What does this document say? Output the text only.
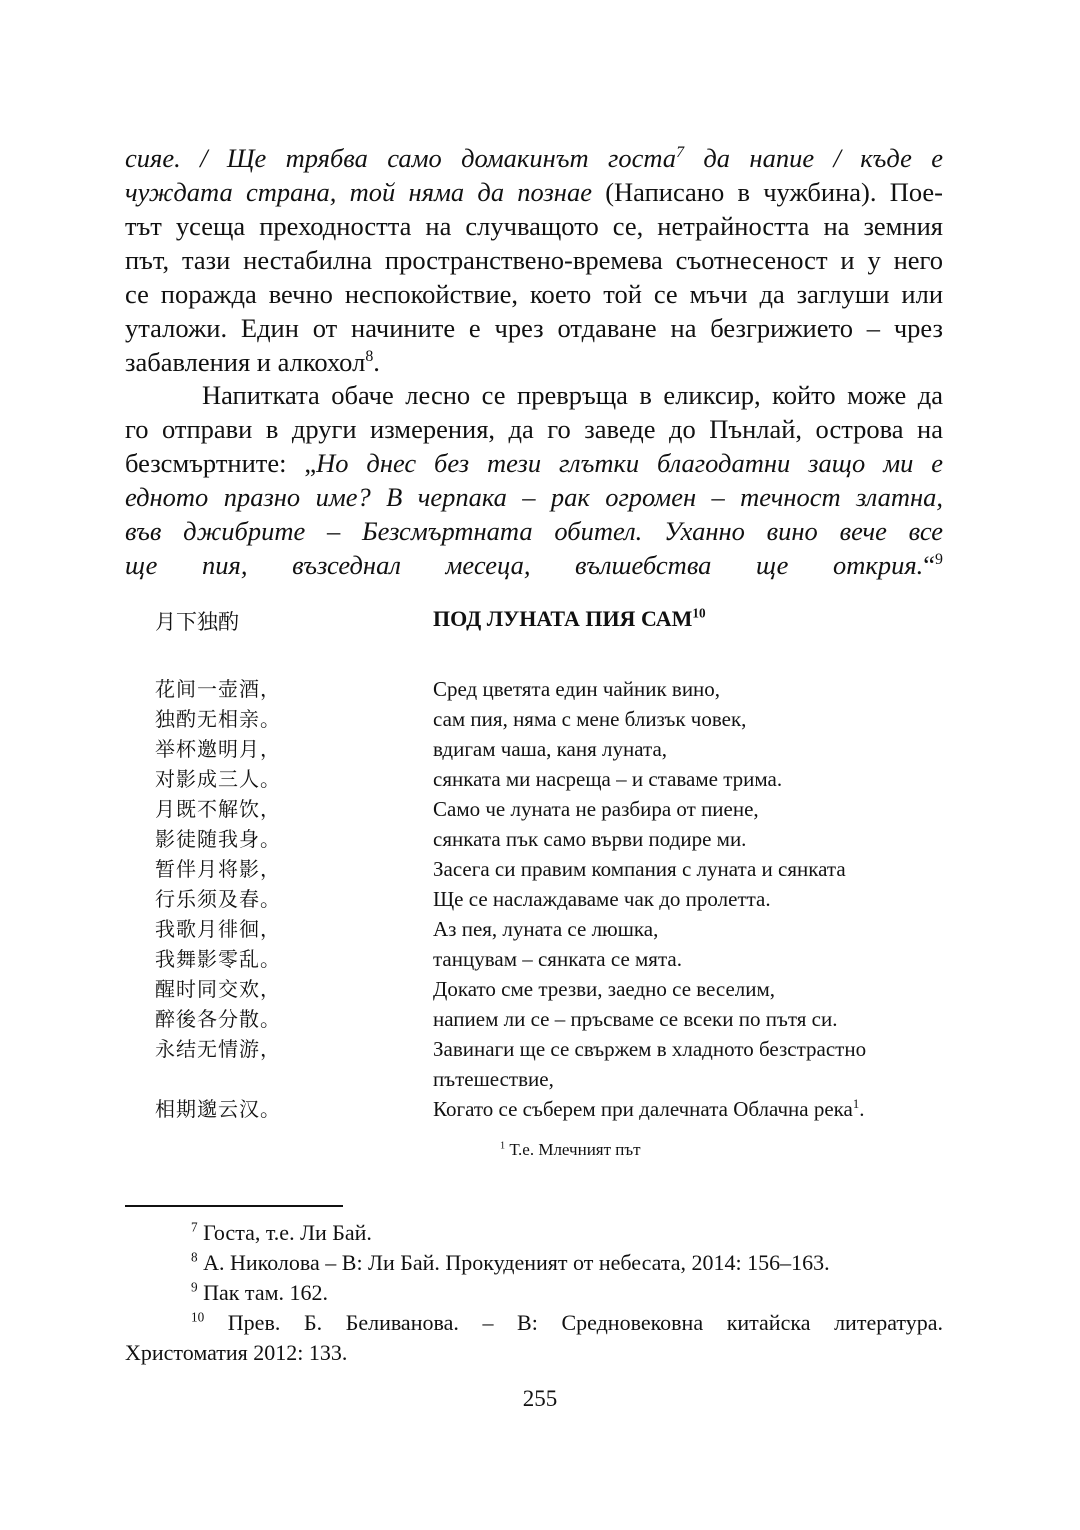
сияе. / Ще трябва само домакинът госта$^7$ да напие / къде е
чуждата страна, той няма да познае (Написано в чужбина). Пое-
тът усеща преходността на случващото се, нетрайността на земния
път, тази нестабилна пространствено-времева съотнесеност и у него
се поражда вечно неспокойствие, което той се мъчи да заглуши или
уталожи. Един от начините е чрез отдаване на безгрижието – чрез
забавления и алкохол$^8$.

Напитката обаче лесно се превръща в еликсир, който може да
го отправи в други измерения, да го заведе до Пънлай, острова на
безсмъртните: „Но днес без тези глътки благодатни защо ми е
едното празно име? В черпака – рак огромен – течност златна,
във джибрите – Безсмъртната обител. Уханно вино вече все
ще пия, възседнал месеца, вълшебства ще открия.“$^9$

月下独酌	ПОД ЛУНАТА ПИЯ САМ$^{10}$
花间一壶酒，	Сред цветята един чайник вино,
独酌无相亲。	сам пия, няма с мене близък човек,
举杯邀明月，	вдигам чаша, каня луната,
对影成三人。	сянката ми насреща – и ставаме трима.
月既不解饮，	Само че луната не разбира от пиене,
影徒随我身。	сянката пък само върви подире ми.
暂伴月将影，	Засега си правим компания с луната и сянката
行乐须及春。	Ще се наслаждаваме чак до пролетта.
我歌月徘徊，	Аз пея, луната се люшка,
我舞影零乱。	танцувам – сянката се мята.
醒时同交欢，	Докато сме трезви, заедно се веселим,
醉後各分散。	напием ли се – пръсваме се всеки по пътя си.
永结无情游，	Завинаги ще се свържем в хладното безстрастно
пътешествие,
相期邈云汉。	Когато се съберем при далечната Облачна река$^1$.
$^1$ Т.е. Млечният път

$^7$ Госта, т.е. Ли Бай.

$^8$ А. Николова – В: Ли Бай. Прокуденият от небесата, 2014: 156–163.

$^9$ Пак там. 162.

$^{10}$ Прев. Б. Беливанова. – В: Средновековна китайска литература.
Христоматия 2012: 133.

255
